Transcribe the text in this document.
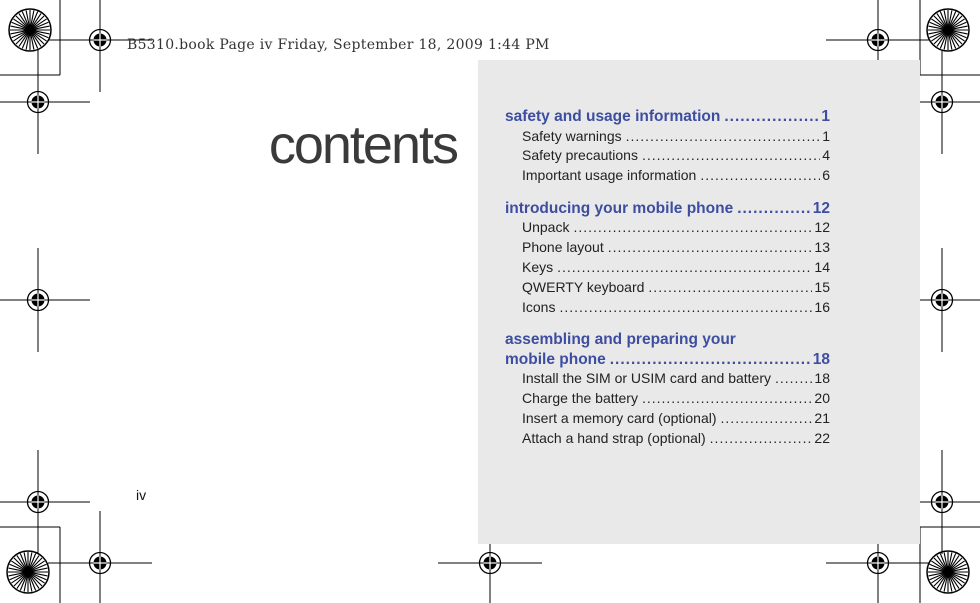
B5310.book Page iv Friday, September 18, 2009 1:44 PM
contents
iv
safety and usage information .....	1
Safety warnings .....	1
Safety precautions .....	4
Important usage information .....	6
introducing your mobile phone .....	12
Unpack .....	12
Phone layout .....	13
Keys .....	14
QWERTY keyboard .....	15
Icons .....	16
assembling and preparing your
mobile phone .....	18
Install the SIM or USIM card and battery .....	18
Charge the battery .....	20
Insert a memory card (optional) .....	21
Attach a hand strap (optional) .....	22
